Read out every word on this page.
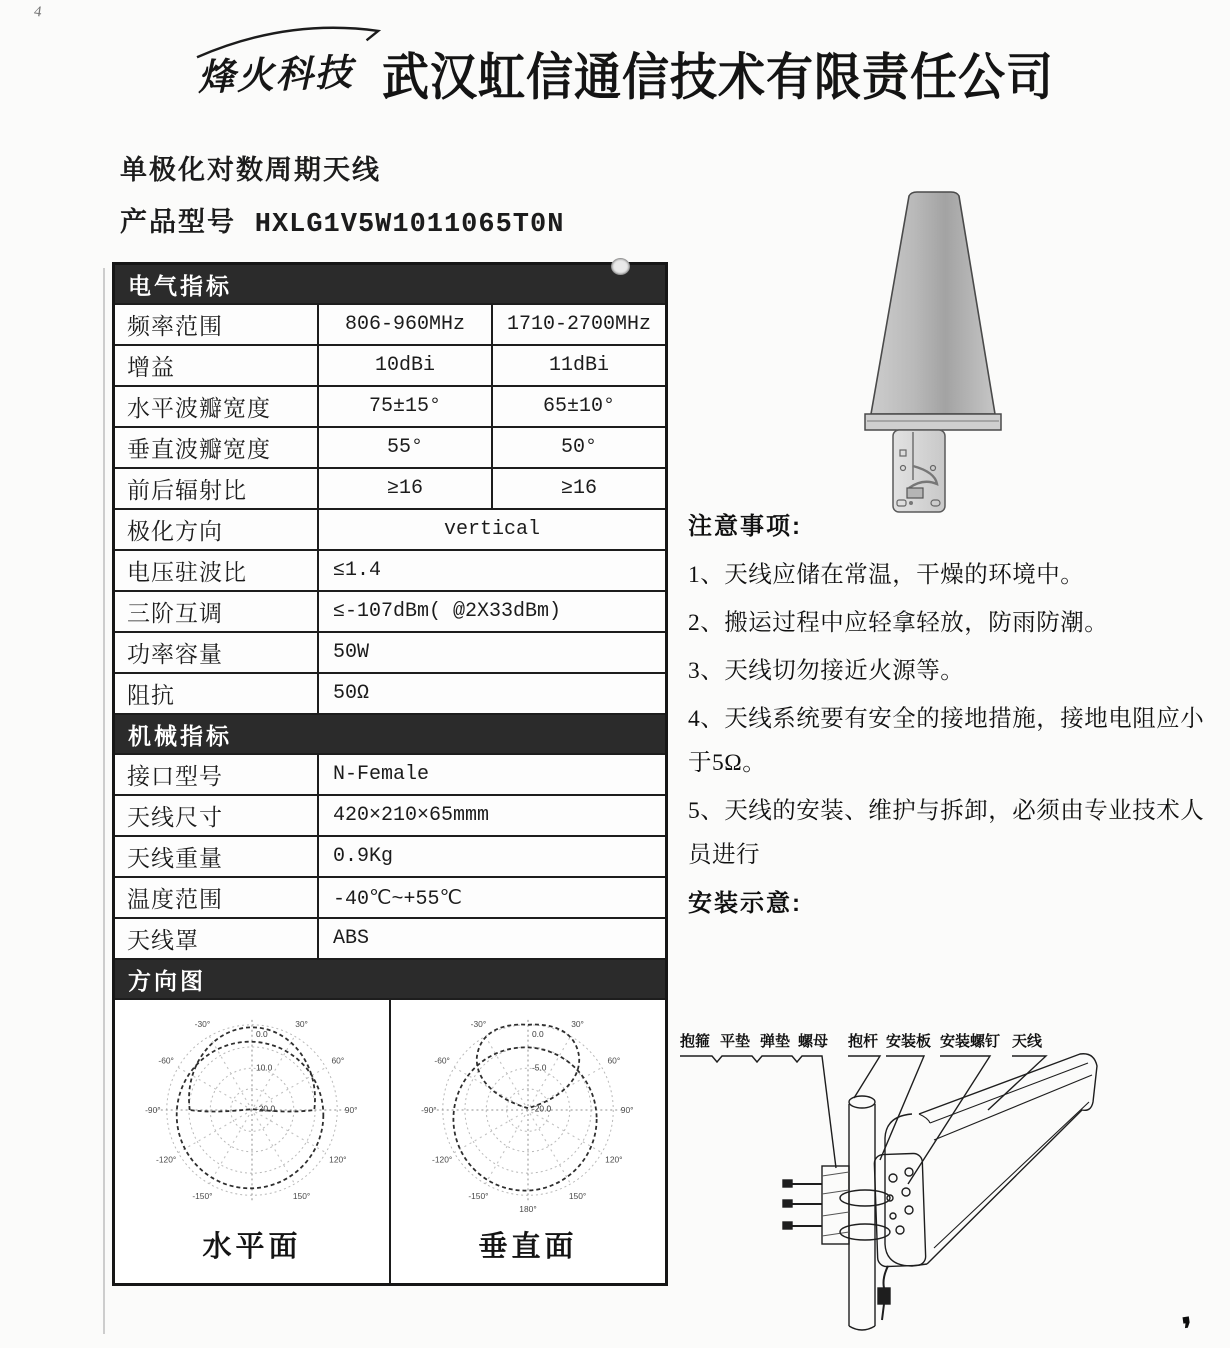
4
❜
烽火科技 武汉虹信通信技术有限责任公司
单极化对数周期天线
产品型号 HXLG1V5W1011065T0N
电气指标
频率范围	806-960MHz	1710-2700MHz
增益	10dBi	11dBi
水平波瓣宽度	75±15°	65±10°
垂直波瓣宽度	55°	50°
前后辐射比	≥16	≥16
极化方向	vertical
电压驻波比	≤1.4
三阶互调	≤-107dBm( @2X33dBm)
功率容量	50W
阻抗	50Ω
机械指标
接口型号	N-Female
天线尺寸	420×210×65mmm
天线重量	0.9Kg
温度范围	-40℃~+55℃
天线罩	ABS
方向图
-30°	30°
-60°	60°
-90°	90°
-120°	120°
-150°	150°
0.0
10.0
-20.0
水平面
-30°	30°
-60°	60°
-90°	90°
-120°	120°
-150°	150°
180°
0.0
-5.0
-20.0
垂直面
注意事项:
1、天线应储在常温，干燥的环境中。
2、搬运过程中应轻拿轻放，防雨防潮。
3、天线切勿接近火源等。
4、天线系统要有安全的接地措施，接地电阻应小于5Ω。
5、天线的安装、维护与拆卸，必须由专业技术人员进行
安装示意:
抱箍 平垫 弹垫 螺母 抱杆 安装板 安装螺钉 天线
